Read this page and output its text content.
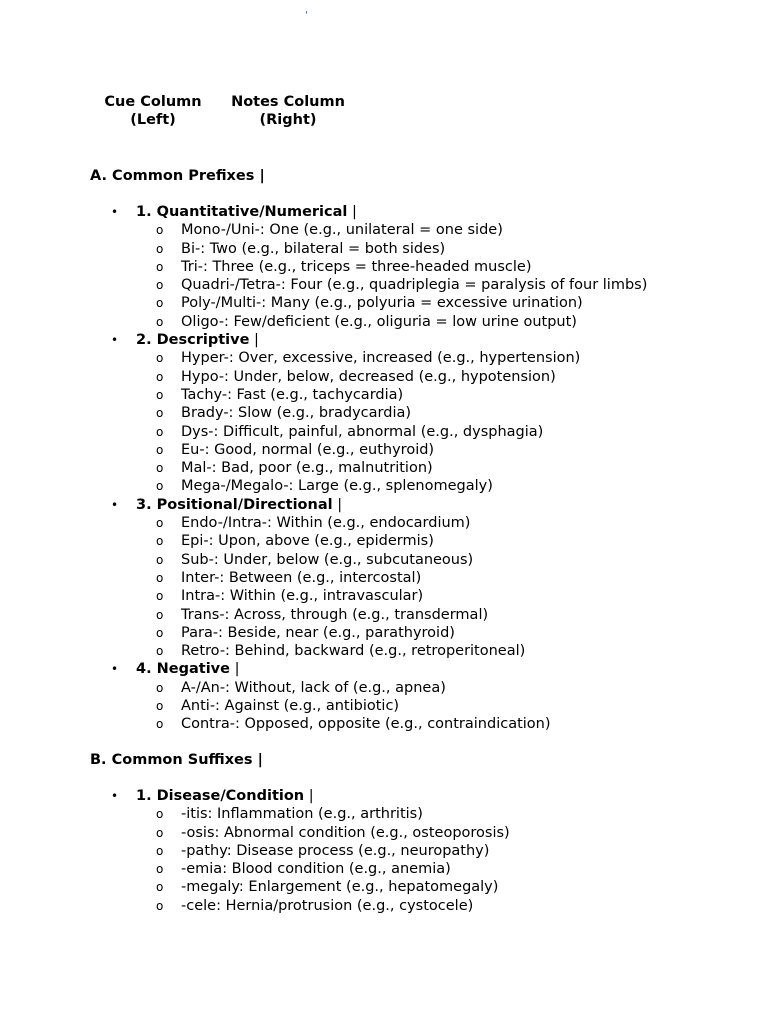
'
Cue Column
(Left)
Notes Column
(Right)
A. Common Prefixes |
• 1. Quantitative/Numerical |
o Mono-/Uni-: One (e.g., unilateral = one side)
o Bi-: Two (e.g., bilateral = both sides)
o Tri-: Three (e.g., triceps = three-headed muscle)
o Quadri-/Tetra-: Four (e.g., quadriplegia = paralysis of four limbs)
o Poly-/Multi-: Many (e.g., polyuria = excessive urination)
o Oligo-: Few/deficient (e.g., oliguria = low urine output)
• 2. Descriptive |
o Hyper-: Over, excessive, increased (e.g., hypertension)
o Hypo-: Under, below, decreased (e.g., hypotension)
o Tachy-: Fast (e.g., tachycardia)
o Brady-: Slow (e.g., bradycardia)
o Dys-: Difficult, painful, abnormal (e.g., dysphagia)
o Eu-: Good, normal (e.g., euthyroid)
o Mal-: Bad, poor (e.g., malnutrition)
o Mega-/Megalo-: Large (e.g., splenomegaly)
• 3. Positional/Directional |
o Endo-/Intra-: Within (e.g., endocardium)
o Epi-: Upon, above (e.g., epidermis)
o Sub-: Under, below (e.g., subcutaneous)
o Inter-: Between (e.g., intercostal)
o Intra-: Within (e.g., intravascular)
o Trans-: Across, through (e.g., transdermal)
o Para-: Beside, near (e.g., parathyroid)
o Retro-: Behind, backward (e.g., retroperitoneal)
• 4. Negative |
o A-/An-: Without, lack of (e.g., apnea)
o Anti-: Against (e.g., antibiotic)
o Contra-: Opposed, opposite (e.g., contraindication)
B. Common Suffixes |
• 1. Disease/Condition |
o -itis: Inflammation (e.g., arthritis)
o -osis: Abnormal condition (e.g., osteoporosis)
o -pathy: Disease process (e.g., neuropathy)
o -emia: Blood condition (e.g., anemia)
o -megaly: Enlargement (e.g., hepatomegaly)
o -cele: Hernia/protrusion (e.g., cystocele)
